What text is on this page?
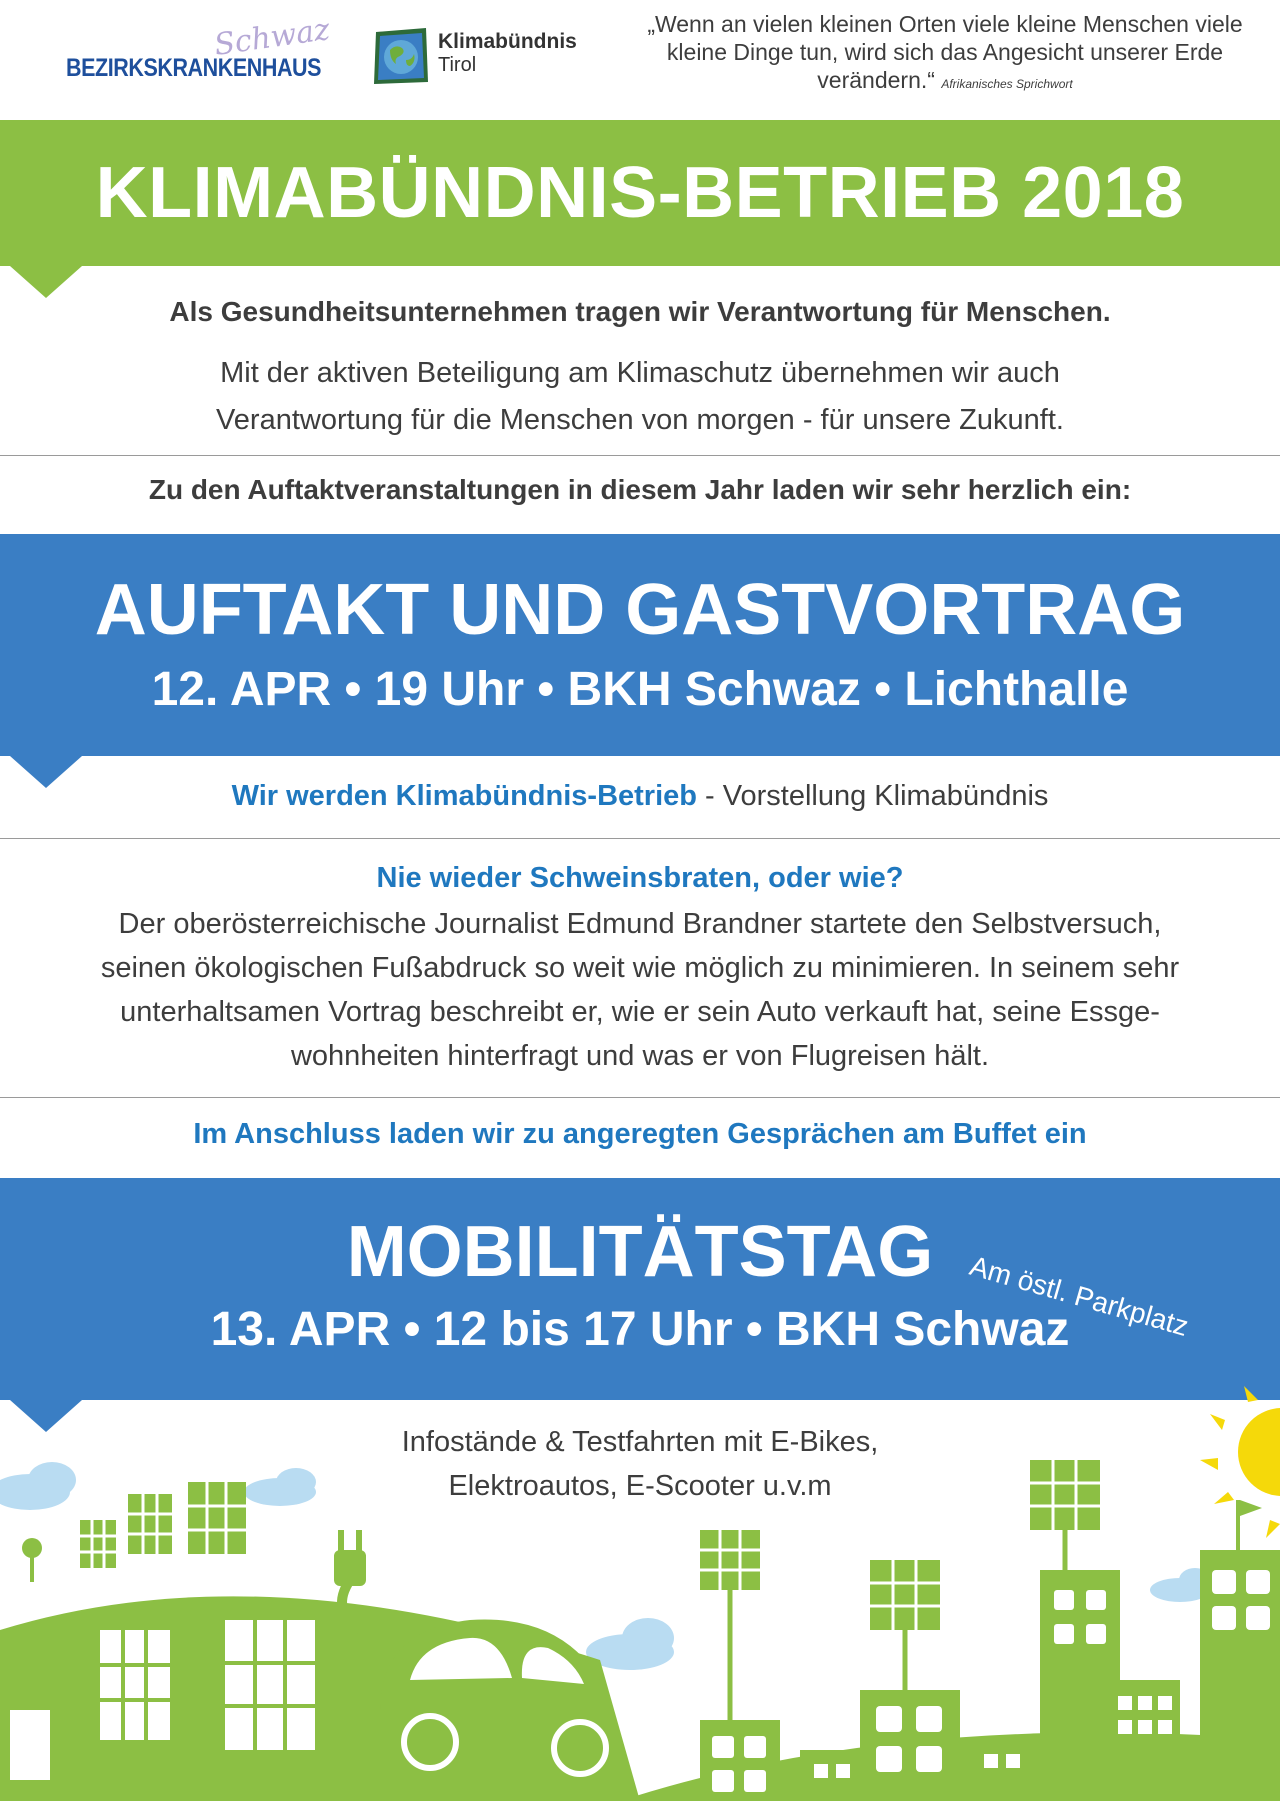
Schwaz
BEZIRKSKRANKENHAUS
Klimabündnis
Tirol
„Wenn an vielen kleinen Orten viele kleine Menschen viele kleine Dinge tun, wird sich das Angesicht unserer Erde verändern.“ Afrikanisches Sprichwort
KLIMABÜNDNIS-BETRIEB 2018
Als Gesundheitsunternehmen tragen wir Verantwortung für Menschen.
Mit der aktiven Beteiligung am Klimaschutz übernehmen wir auch
Verantwortung für die Menschen von morgen - für unsere Zukunft.
Zu den Auftaktveranstaltungen in diesem Jahr laden wir sehr herzlich ein:
AUFTAKT UND GASTVORTRAG
12. APR • 19 Uhr • BKH Schwaz • Lichthalle
Wir werden Klimabündnis-Betrieb - Vorstellung Klimabündnis
Nie wieder Schweinsbraten, oder wie?
Der oberösterreichische Journalist Edmund Brandner startete den Selbstversuch,
seinen ökologischen Fußabdruck so weit wie möglich zu minimieren. In seinem sehr
unterhaltsamen Vortrag beschreibt er, wie er sein Auto verkauft hat, seine Essge-
wohnheiten hinterfragt und was er von Flugreisen hält.
Im Anschluss laden wir zu angeregten Gesprächen am Buffet ein
MOBILITÄTSTAG
13. APR • 12 bis 17 Uhr • BKH Schwaz
Am östl. Parkplatz
Infostände & Testfahrten mit E-Bikes,
Elektroautos, E-Scooter u.v.m
